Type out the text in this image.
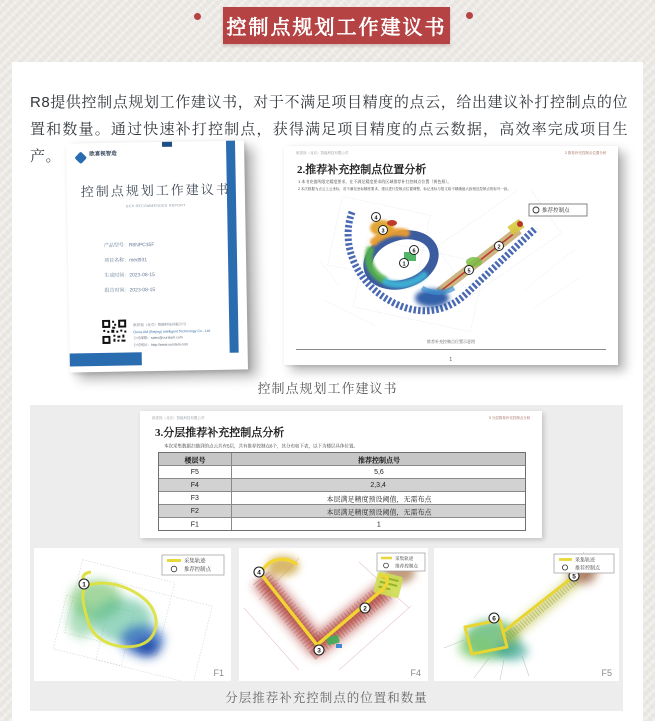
控制点规划工作建议书

R8提供控制点规划工作建议书，对于不满足项目精度的点云，给出建议补打控制点的位置和数量。通过快速补打控制点，获得满足项目精度的点云数据，高效率完成项目生产。	欧喜视智造
控制点规划工作建议书
GCP RECOMMENDED REPORT
产品型号：R8NPC35F
项目名称：med931
生成时间：2023-08-15
报告时间：2023-08-15
欧喜视（北京）智能科技有限公司
OursLAM (Beijing) Intelligent Technology Co., Ltd.
公司邮箱：sales@ourslam.com
公司网址：http://www.ourslam.com
欧喜视（北京）智能科技有限公司	2 推荐补充控制点位置分析
2.推荐补充控制点位置分析
1 本书充值所限定精度要求，在不满足精度要求的区域推荐补打控制点位置（黄色框）。
2 本次数据为点云上云坐标，若不满足坐标精度要求，建议进行控制点位置调整，标记坐标与报文给不精确值大致相近控制点的标号一致。
4
3
6
1
5
2
推荐控制点
推荐补充控制点位置示意图
1
控制点规划工作建议书
欧喜视（北京）智能科技有限公司	3 分层推荐补充控制点分析
3.分层推荐补充控制点分析
本次采集数据扫描到的点云共有5层，共有推荐控制点6个，其分布如下表，以下为楼层具体位置。
楼层号	推荐控制点号
F5	5,6
F4	2,3,4
F3	本层满足精度预设阈值，无需布点
F2	本层满足精度预设阈值，无需布点
F1	1
1
采集轨迹
推荐控制点
F1
4
3
2
采集轨迹
推荐控制点
F4
6
5
采集轨迹
推荐控制点
F5
分层推荐补充控制点的位置和数量
